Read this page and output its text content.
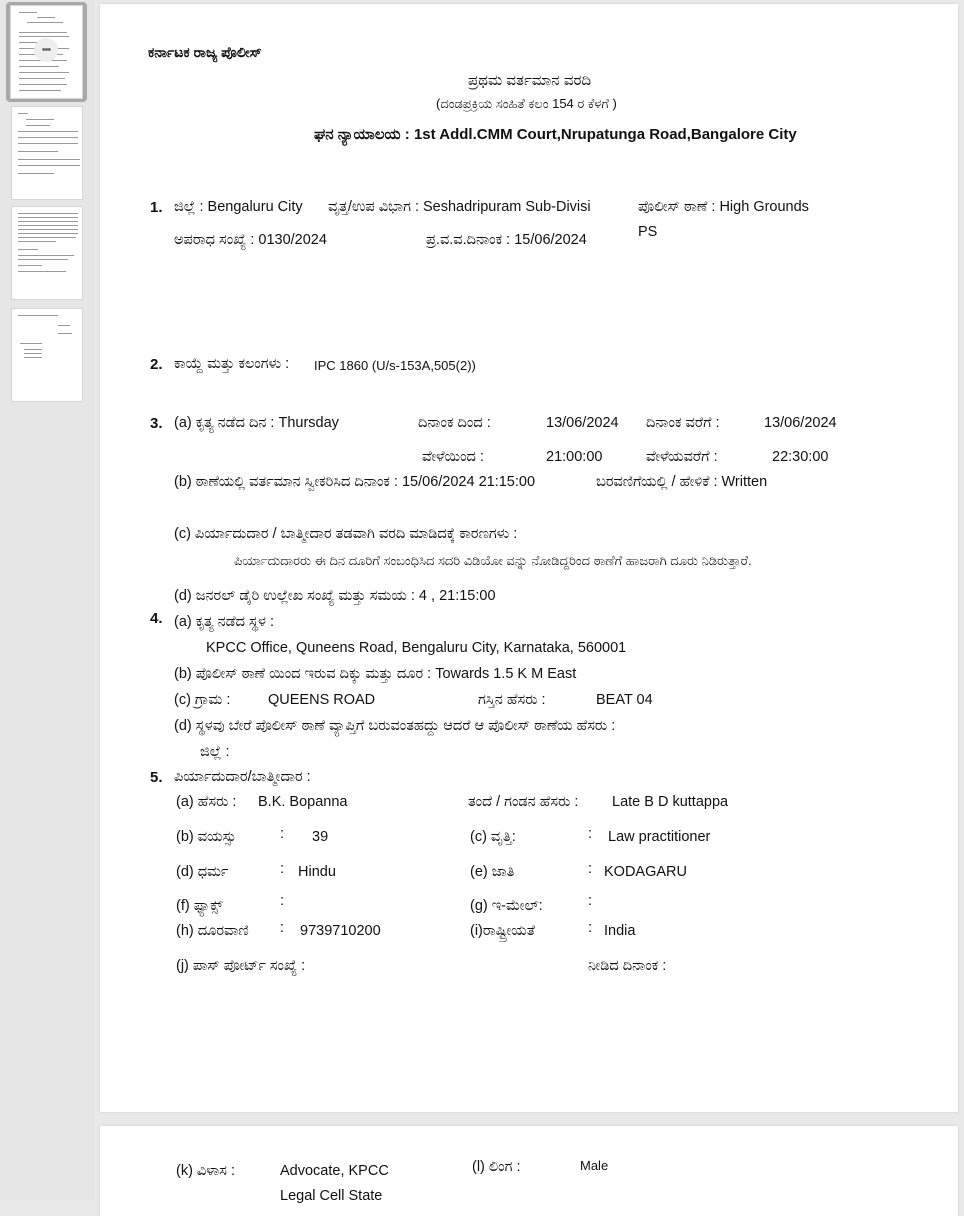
•••	ಕರ್ನಾಟಕ ರಾಜ್ಯ ಪೊಲೀಸ್
ಪ್ರಥಮ ವರ್ತಮಾನ ವರದಿ
(ದಂಡಪ್ರಕ್ರಿಯ ಸಂಹಿತೆ ಕಲಂ 154 ರ ಕೆಳಗೆ )
ಘನ ನ್ಯಾಯಾಲಯ : 1st Addl.CMM Court,Nrupatunga Road,Bangalore City
1. ಜಿಲ್ಲೆ : Bengaluru City ವೃತ್ತ/ಉಪ ವಿಭಾಗ : Seshadripuram Sub-Divisi	ಪೊಲೀಸ್ ಠಾಣೆ : High Grounds
PS
ಅಪರಾಧ ಸಂಖ್ಯೆ : 0130/2024	ಪ್ರ.ವ.ವ.ದಿನಾಂಕ : 15/06/2024
2. ಕಾಯ್ದೆ ಮತ್ತು ಕಲಂಗಳು : IPC 1860 (U/s-153A,505(2))
3. (a) ಕೃತ್ಯ ನಡೆದ ದಿನ : Thursday	ದಿನಾಂಕ ದಿಂದ :	13/06/2024 ದಿನಾಂಕ ವರೆಗೆ :	13/06/2024
ವೇಳೆಯಿಂದ :	21:00:00	ವೇಳೆಯವರೆಗೆ :	22:30:00
(b) ಠಾಣೆಯಲ್ಲಿ ವರ್ತಮಾನ ಸ್ವೀಕರಿಸಿದ ದಿನಾಂಕ : 15/06/2024 21:15:00	ಬರವಣಿಗೆಯಲ್ಲಿ / ಹೇಳಿಕೆ : Written
(c) ಪಿರ್ಯಾದುದಾರ / ಬಾತ್ಮೀದಾರ ತಡವಾಗಿ ವರದಿ ಮಾಡಿದಕ್ಕೆ ಕಾರಣಗಳು :
ಪಿರ್ಯಾದುದಾರರು ಈ ದಿನ ದೂರಿಗೆ ಸಂಬಂಧಿಸಿದ ಸದರಿ ವಿಡಿಯೋ ವನ್ನು ನೋಡಿದ್ದರಿಂದ ಠಾಣೆಗೆ ಹಾಜರಾಗಿ ದೂರು ನಿಡಿರುತ್ತಾರೆ.
(d) ಜನರಲ್ ಡೈರಿ ಉಲ್ಲೇಖ ಸಂಖ್ಯೆ ಮತ್ತು ಸಮಯ : 4 , 21:15:00
4. (a) ಕೃತ್ಯ ನಡೆದ ಸ್ಥಳ :
KPCC Office, Quneens Road, Bengaluru City, Karnataka, 560001
(b) ಪೊಲೀಸ್ ಠಾಣೆ ಯಿಂದ ಇರುವ ದಿಕ್ಕು ಮತ್ತು ದೂರ : Towards 1.5 K M East
(c) ಗ್ರಾಮ :	QUEENS ROAD	ಗಸ್ತಿನ ಹೆಸರು :	BEAT 04
(d) ಸ್ಥಳವು ಬೇರೆ ಪೊಲೀಸ್ ಠಾಣೆ ವ್ಯಾಪ್ತಿಗೆ ಬರುವಂತಹದ್ದು ಆದರೆ ಆ ಪೊಲೀಸ್ ಠಾಣೆಯ ಹೆಸರು :
ಜಿಲ್ಲೆ :
5. ಪಿರ್ಯಾದುದಾರ/ಬಾತ್ಮೀದಾರ :
(a) ಹೆಸರು : B.K. Bopanna	ತಂದೆ / ಗಂಡನ ಹೆಸರು : Late B D kuttappa
(b) ವಯಸ್ಸು	: 39	(c) ವೃತ್ತಿ:	: Law practitioner
(d) ಧರ್ಮ	: Hindu	(e) ಜಾತಿ	: KODAGARU
(f) ಫ್ಯಾಕ್ಸ್	:	(g) ಇ-ಮೇಲ್:	:
(h) ದೂರವಾಣಿ : 9739710200	(i)ರಾಷ್ಟ್ರೀಯತೆ	: India
(j) ಪಾಸ್ ಪೋರ್ಟ್ ಸಂಖ್ಯೆ :	ನೀಡಿದ ದಿನಾಂಕ :
(k) ವಿಳಾಸ :	Advocate, KPCC
Legal Cell State
(l) ಲಿಂಗ :	Male
